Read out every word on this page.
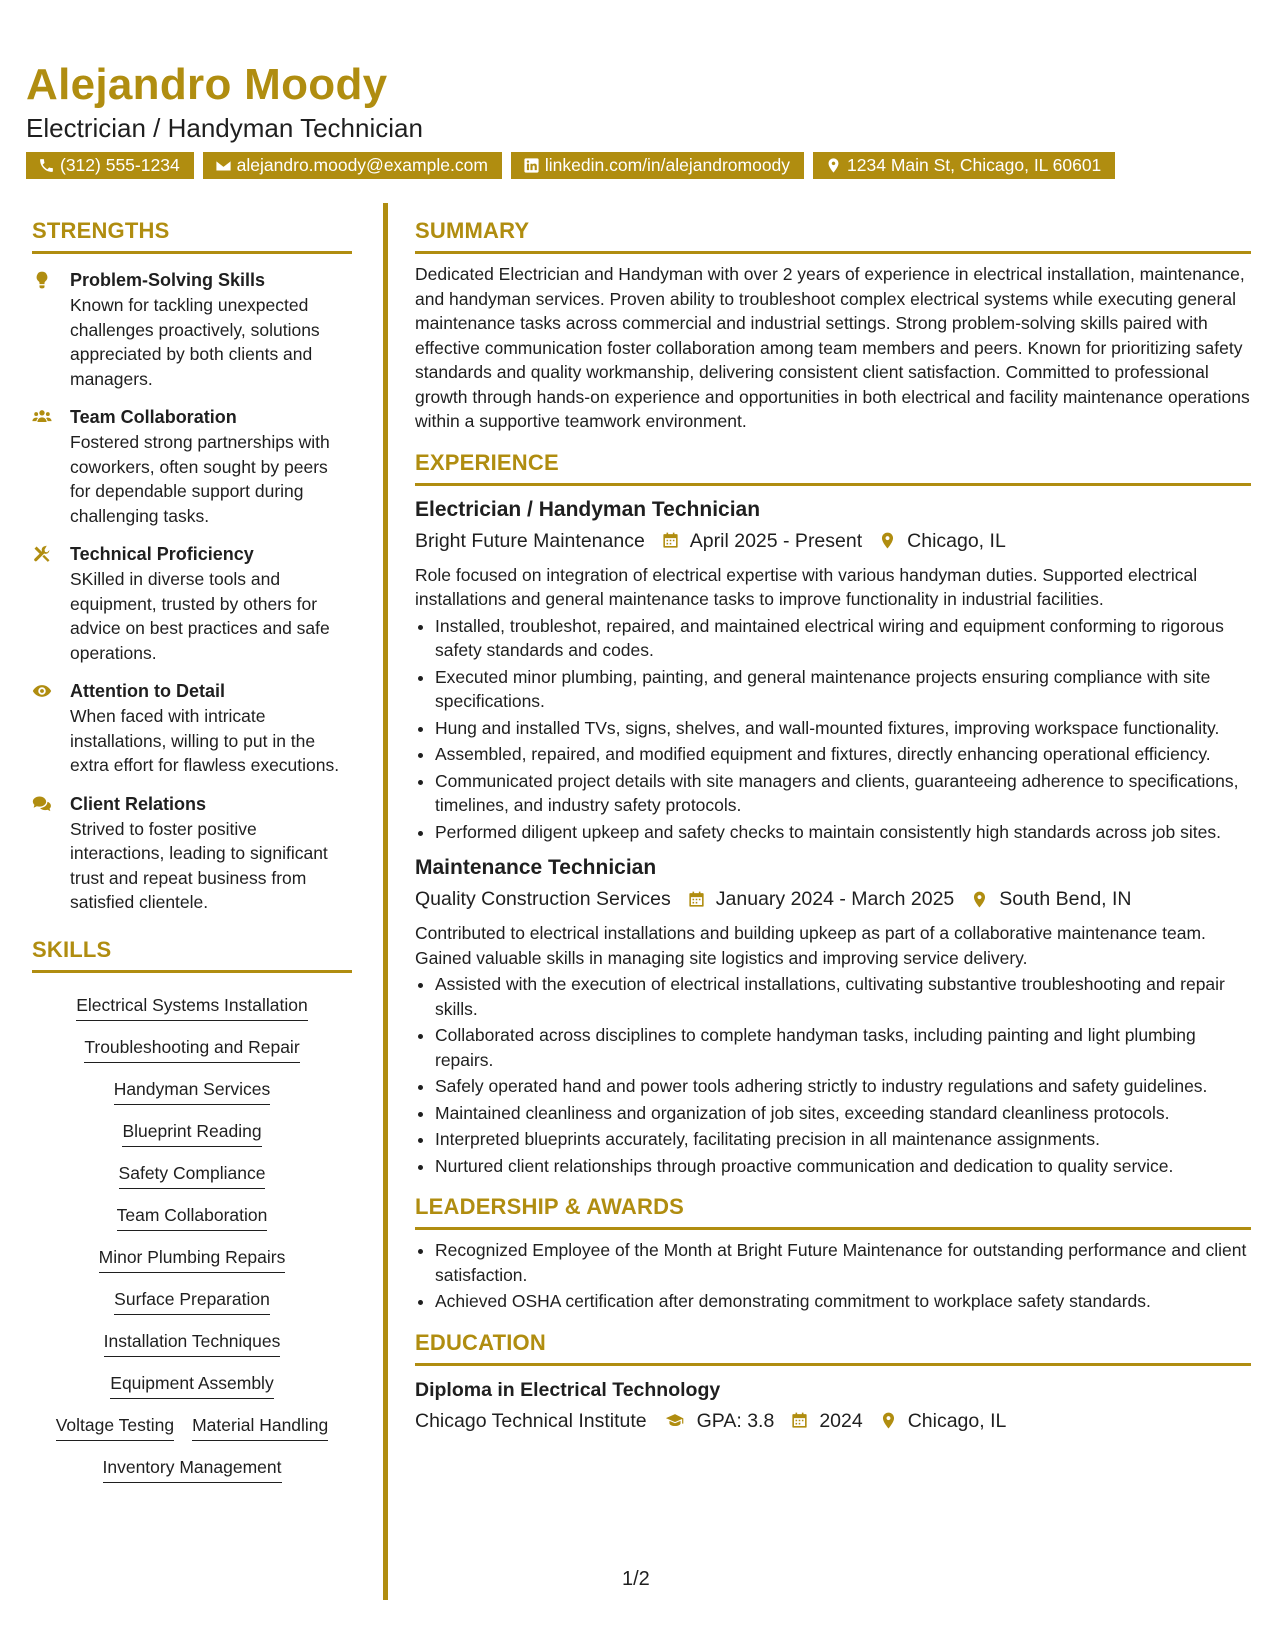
Alejandro Moody
Electrician / Handyman Technician
(312) 555-1234	alejandro.moody@example.com	linkedin.com/in/alejandromoody	1234 Main St, Chicago, IL 60601
STRENGTHS
Problem-Solving Skills
Known for tackling unexpected challenges proactively, solutions appreciated by both clients and managers.
Team Collaboration
Fostered strong partnerships with coworkers, often sought by peers for dependable support during challenging tasks.
Technical Proficiency
SKilled in diverse tools and equipment, trusted by others for advice on best practices and safe operations.
Attention to Detail
When faced with intricate installations, willing to put in the extra effort for flawless executions.
Client Relations
Strived to foster positive interactions, leading to significant trust and repeat business from satisfied clientele.
SKILLS
Electrical Systems Installation
Troubleshooting and Repair
Handyman Services
Blueprint Reading
Safety Compliance
Team Collaboration
Minor Plumbing Repairs
Surface Preparation
Installation Techniques
Equipment Assembly
Voltage Testing Material Handling
Inventory Management
SUMMARY
Dedicated Electrician and Handyman with over 2 years of experience in electrical installation, maintenance, and handyman services. Proven ability to troubleshoot complex electrical systems while executing general maintenance tasks across commercial and industrial settings. Strong problem-solving skills paired with effective communication foster collaboration among team members and peers. Known for prioritizing safety standards and quality workmanship, delivering consistent client satisfaction. Committed to professional growth through hands-on experience and opportunities in both electrical and facility maintenance operations within a supportive teamwork environment.
EXPERIENCE
Electrician / Handyman Technician
Bright Future Maintenance April 2025 - Present Chicago, IL
Role focused on integration of electrical expertise with various handyman duties. Supported electrical installations and general maintenance tasks to improve functionality in industrial facilities.
• Installed, troubleshot, repaired, and maintained electrical wiring and equipment conforming to rigorous safety standards and codes.
• Executed minor plumbing, painting, and general maintenance projects ensuring compliance with site specifications.
• Hung and installed TVs, signs, shelves, and wall-mounted fixtures, improving workspace functionality.
• Assembled, repaired, and modified equipment and fixtures, directly enhancing operational efficiency.
• Communicated project details with site managers and clients, guaranteeing adherence to specifications, timelines, and industry safety protocols.
• Performed diligent upkeep and safety checks to maintain consistently high standards across job sites.
Maintenance Technician
Quality Construction Services January 2024 - March 2025 South Bend, IN
Contributed to electrical installations and building upkeep as part of a collaborative maintenance team. Gained valuable skills in managing site logistics and improving service delivery.
• Assisted with the execution of electrical installations, cultivating substantive troubleshooting and repair skills.
• Collaborated across disciplines to complete handyman tasks, including painting and light plumbing repairs.
• Safely operated hand and power tools adhering strictly to industry regulations and safety guidelines.
• Maintained cleanliness and organization of job sites, exceeding standard cleanliness protocols.
• Interpreted blueprints accurately, facilitating precision in all maintenance assignments.
• Nurtured client relationships through proactive communication and dedication to quality service.
LEADERSHIP & AWARDS
• Recognized Employee of the Month at Bright Future Maintenance for outstanding performance and client satisfaction.
• Achieved OSHA certification after demonstrating commitment to workplace safety standards.
EDUCATION
Diploma in Electrical Technology
Chicago Technical Institute	GPA: 3.8 2024 Chicago, IL
1/2
